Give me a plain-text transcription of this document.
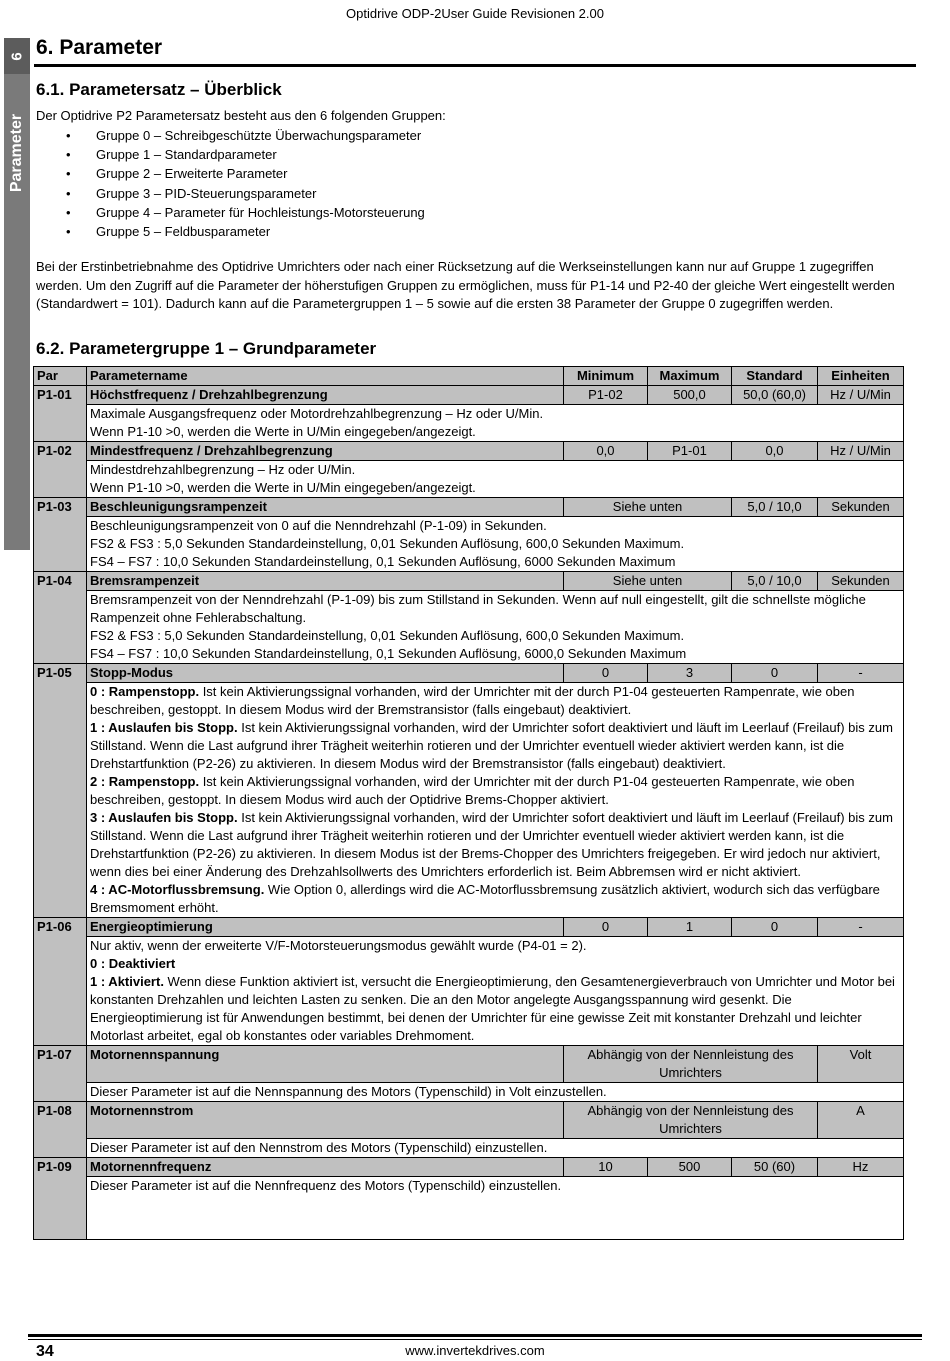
Optidrive ODP-2User Guide Revisionen 2.00
6
Parameter
6. Parameter
6.1. Parametersatz – Überblick
Der Optidrive P2 Parametersatz besteht aus den 6 folgenden Gruppen:
• Gruppe 0 – Schreibgeschützte Überwachungsparameter
• Gruppe 1 – Standardparameter
• Gruppe 2 – Erweiterte Parameter
• Gruppe 3 – PID-Steuerungsparameter
• Gruppe 4 – Parameter für Hochleistungs-Motorsteuerung
• Gruppe 5 – Feldbusparameter
Bei der Erstinbetriebnahme des Optidrive Umrichters oder nach einer Rücksetzung auf die Werkseinstellungen kann nur auf Gruppe 1 zugegriffen werden. Um den Zugriff auf die Parameter der höherstufigen Gruppen zu ermöglichen, muss für P1-14 und P2-40 der gleiche Wert eingestellt werden (Standardwert = 101). Dadurch kann auf die Parametergruppen 1 – 5 sowie auf die ersten 38 Parameter der Gruppe 0 zugegriffen werden.
6.2. Parametergruppe 1 – Grundparameter
Par	Parametername	Minimum	Maximum	Standard	Einheiten
P1-01	Höchstfrequenz / Drehzahlbegrenzung	P1-02	500,0	50,0 (60,0)	Hz / U/Min

	Maximale Ausgangsfrequenz oder Motordrehzahlbegrenzung – Hz oder U/Min.
Wenn P1-10 >0, werden die Werte in U/Min eingegeben/angezeigt.				

P1-02	Mindestfrequenz / Drehzahlbegrenzung	0,0	P1-01	0,0	Hz / U/Min

	Mindestdrehzahlbegrenzung – Hz oder U/Min.
Wenn P1-10 >0, werden die Werte in U/Min eingegeben/angezeigt.				

P1-03	Beschleunigungsrampenzeit	Siehe unten		5,0 / 10,0	Sekunden

	Beschleunigungsrampenzeit von 0 auf die Nenndrehzahl (P-1-09) in Sekunden.
FS2 & FS3 : 5,0 Sekunden Standardeinstellung, 0,01 Sekunden Auflösung, 600,0 Sekunden Maximum.
FS4 – FS7 : 10,0 Sekunden Standardeinstellung, 0,1 Sekunden Auflösung, 6000 Sekunden Maximum				

P1-04	Bremsrampenzeit	Siehe unten		5,0 / 10,0	Sekunden

	Bremsrampenzeit von der Nenndrehzahl (P-1-09) bis zum Stillstand in Sekunden. Wenn auf null eingestellt, gilt die schnellste mögliche Rampenzeit ohne Fehlerabschaltung.
FS2 & FS3 : 5,0 Sekunden Standardeinstellung, 0,01 Sekunden Auflösung, 600,0 Sekunden Maximum.
FS4 – FS7 : 10,0 Sekunden Standardeinstellung, 0,1 Sekunden Auflösung, 6000,0 Sekunden Maximum				

P1-05	Stopp-Modus	0	3	0	-

	0 : Rampenstopp. Ist kein Aktivierungssignal vorhanden, wird der Umrichter mit der durch P1-04 gesteuerten Rampenrate, wie oben beschreiben, gestoppt. In diesem Modus wird der Bremstransistor (falls eingebaut) deaktiviert.
1 : Auslaufen bis Stopp. Ist kein Aktivierungssignal vorhanden, wird der Umrichter sofort deaktiviert und läuft im Leerlauf (Freilauf) bis zum Stillstand. Wenn die Last aufgrund ihrer Trägheit weiterhin rotieren und der Umrichter eventuell wieder aktiviert werden kann, ist die Drehstartfunktion (P2-26) zu aktivieren. In diesem Modus wird der Bremstransistor (falls eingebaut) deaktiviert.
2 : Rampenstopp. Ist kein Aktivierungssignal vorhanden, wird der Umrichter mit der durch P1-04 gesteuerten Rampenrate, wie oben beschreiben, gestoppt. In diesem Modus wird auch der Optidrive Brems-Chopper aktiviert.
3 : Auslaufen bis Stopp. Ist kein Aktivierungssignal vorhanden, wird der Umrichter sofort deaktiviert und läuft im Leerlauf (Freilauf) bis zum Stillstand. Wenn die Last aufgrund ihrer Trägheit weiterhin rotieren und der Umrichter eventuell wieder aktiviert werden kann, ist die Drehstartfunktion (P2-26) zu aktivieren. In diesem Modus ist der Brems-Chopper des Umrichters freigegeben. Er wird jedoch nur aktiviert, wenn dies bei einer Änderung des Drehzahlsollwerts des Umrichters erforderlich ist. Beim Abbremsen wird er nicht aktiviert.
4 : AC-Motorflussbremsung. Wie Option 0, allerdings wird die AC-Motorflussbremsung zusätzlich aktiviert, wodurch sich das verfügbare Bremsmoment erhöht.				

P1-06	Energieoptimierung	0	1	0	-

	Nur aktiv, wenn der erweiterte V/F-Motorsteuerungsmodus gewählt wurde (P4-01 = 2).
0 : Deaktiviert
1 : Aktiviert. Wenn diese Funktion aktiviert ist, versucht die Energieoptimierung, den Gesamtenergieverbrauch von Umrichter und Motor bei konstanten Drehzahlen und leichten Lasten zu senken. Die an den Motor angelegte Ausgangsspannung wird gesenkt. Die Energieoptimierung ist für Anwendungen bestimmt, bei denen der Umrichter für eine gewisse Zeit mit konstanter Drehzahl und leichter Motorlast arbeitet, egal ob konstantes oder variables Drehmoment.				

P1-07	Motornennspannung	Abhängig von der Nennleistung des Umrichters			Volt
	Dieser Parameter ist auf die Nennspannung des Motors (Typenschild) in Volt einzustellen.				
P1-08	Motornennstrom	Abhängig von der Nennleistung des Umrichters			A
	Dieser Parameter ist auf den Nennstrom des Motors (Typenschild) einzustellen.				
P1-09	Motornennfrequenz	10	500	50 (60)	Hz
	Dieser Parameter ist auf die Nennfrequenz des Motors (Typenschild) einzustellen.				
34	www.invertekdrives.com
